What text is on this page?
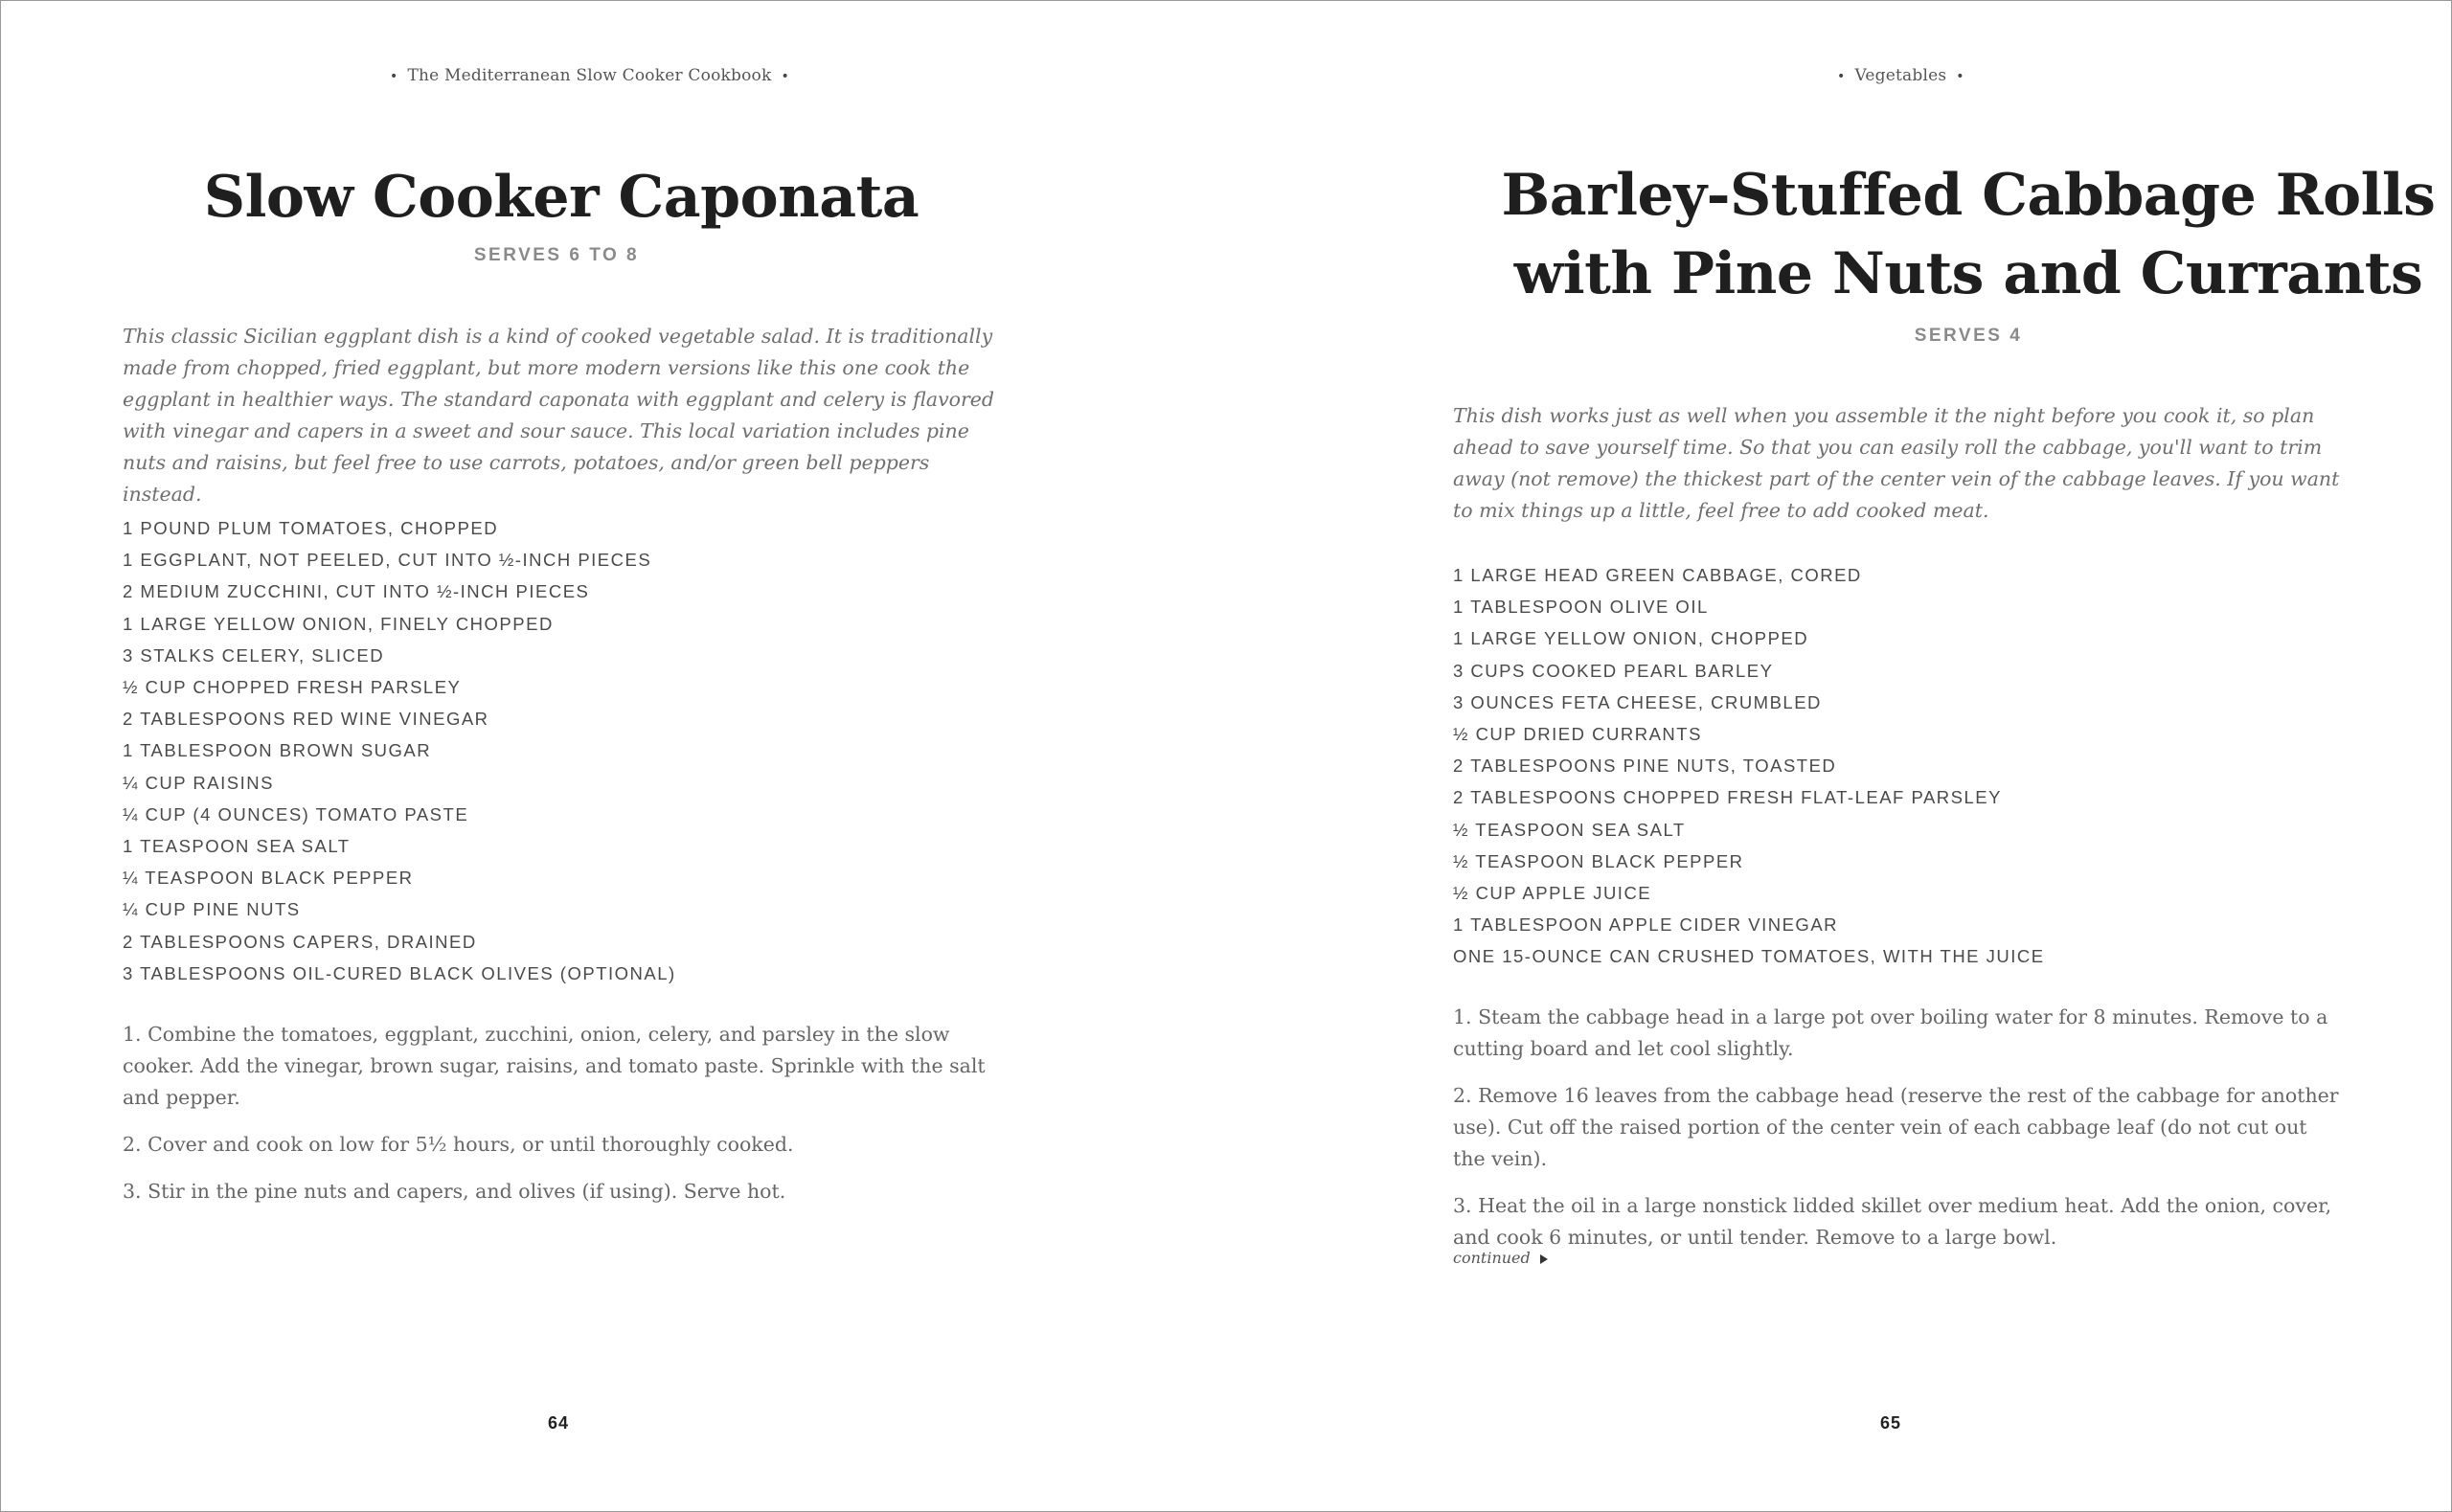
• The Mediterranean Slow Cooker Cookbook •
Slow Cooker Caponata
SERVES 6 TO 8

This classic Sicilian eggplant dish is a kind of cooked vegetable salad. It is traditionally made from chopped, fried eggplant, but more modern versions like this one cook the eggplant in healthier ways. The standard caponata with eggplant and celery is flavored with vinegar and capers in a sweet and sour sauce. This local variation includes pine nuts and raisins, but feel free to use carrots, potatoes, and/or green bell peppers instead.

1 POUND PLUM TOMATOES, CHOPPED
1 EGGPLANT, NOT PEELED, CUT INTO ½-INCH PIECES
2 MEDIUM ZUCCHINI, CUT INTO ½-INCH PIECES
1 LARGE YELLOW ONION, FINELY CHOPPED
3 STALKS CELERY, SLICED
½ CUP CHOPPED FRESH PARSLEY
2 TABLESPOONS RED WINE VINEGAR
1 TABLESPOON BROWN SUGAR
¼ CUP RAISINS
¼ CUP (4 OUNCES) TOMATO PASTE
1 TEASPOON SEA SALT
¼ TEASPOON BLACK PEPPER
¼ CUP PINE NUTS
2 TABLESPOONS CAPERS, DRAINED
3 TABLESPOONS OIL-CURED BLACK OLIVES (OPTIONAL)
1. Combine the tomatoes, eggplant, zucchini, onion, celery, and parsley in the slow cooker. Add the vinegar, brown sugar, raisins, and tomato paste. Sprinkle with the salt and pepper.
2. Cover and cook on low for 5½ hours, or until thoroughly cooked.
3. Stir in the pine nuts and capers, and olives (if using). Serve hot.
64
• Vegetables •
Barley-Stuffed Cabbage Rolls
with Pine Nuts and Currants
SERVES 4

This dish works just as well when you assemble it the night before you cook it, so plan ahead to save yourself time. So that you can easily roll the cabbage, you'll want to trim away (not remove) the thickest part of the center vein of the cabbage leaves. If you want to mix things up a little, feel free to add cooked meat.

1 LARGE HEAD GREEN CABBAGE, CORED
1 TABLESPOON OLIVE OIL
1 LARGE YELLOW ONION, CHOPPED
3 CUPS COOKED PEARL BARLEY
3 OUNCES FETA CHEESE, CRUMBLED
½ CUP DRIED CURRANTS
2 TABLESPOONS PINE NUTS, TOASTED
2 TABLESPOONS CHOPPED FRESH FLAT-LEAF PARSLEY
½ TEASPOON SEA SALT
½ TEASPOON BLACK PEPPER
½ CUP APPLE JUICE
1 TABLESPOON APPLE CIDER VINEGAR
ONE 15-OUNCE CAN CRUSHED TOMATOES, WITH THE JUICE
1. Steam the cabbage head in a large pot over boiling water for 8 minutes. Remove to a cutting board and let cool slightly.
2. Remove 16 leaves from the cabbage head (reserve the rest of the cabbage for another use). Cut off the raised portion of the center vein of each cabbage leaf (do not cut out the vein).
3. Heat the oil in a large nonstick lidded skillet over medium heat. Add the onion, cover, and cook 6 minutes, or until tender. Remove to a large bowl.
continued
65
